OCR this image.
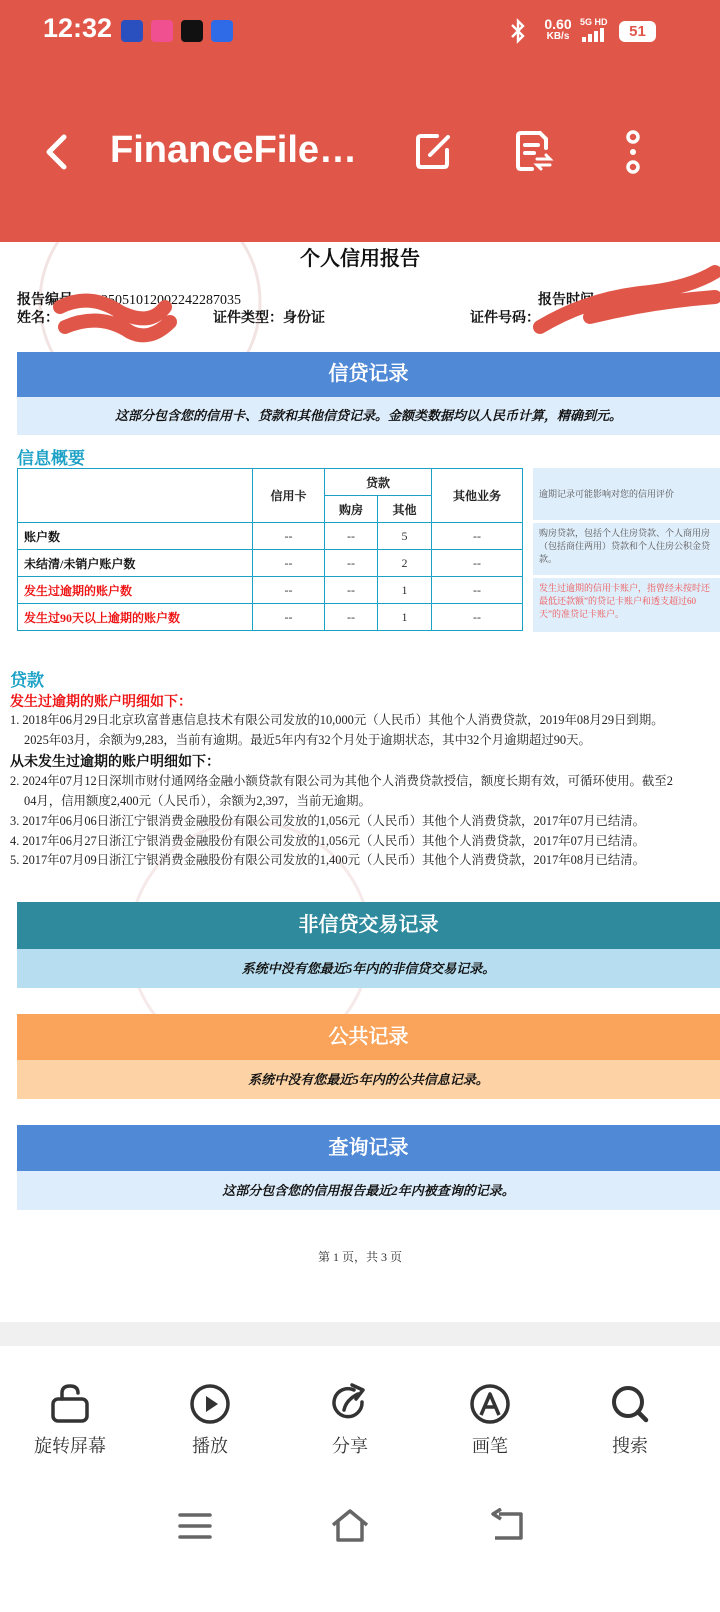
12:32	0.60
KB/s
5G HD
51
FinanceFile…
个人信用报告
报告编号：2025051012002242287035	报告时间
姓名：	证件类型：身份证	证件号码：
信贷记录
这部分包含您的信用卡、贷款和其他信贷记录。金额类数据均以人民币计算，精确到元。
信息概要
	信用卡	贷款		其他业务
		购房	其他	
账户数	--	--	5	--
未结清/未销户账户数	--	--	2	--
发生过逾期的账户数	--	--	1	--
发生过90天以上逾期的账户数	--	--	1	--
逾期记录可能影响对您的信用评价
购房贷款，包括个人住房贷款、个人商用房（包括商住两用）贷款和个人住房公积金贷款。
发生过逾期的信用卡账户，指曾经未按时还最低还款额”的贷记卡账户和透支超过60天”的准贷记卡账户。
贷款
发生过逾期的账户明细如下：
1. 2018年06月29日北京玖富普惠信息技术有限公司发放的10,000元（人民币）其他个人消费贷款，2019年08月29日到期。
2025年03月，余额为9,283，当前有逾期。最近5年内有32个月处于逾期状态，其中32个月逾期超过90天。
从未发生过逾期的账户明细如下：
2. 2024年07月12日深圳市财付通网络金融小额贷款有限公司为其他个人消费贷款授信，额度长期有效，可循环使用。截至2
04月，信用额度2,400元（人民币），余额为2,397，当前无逾期。
3. 2017年06月06日浙江宁银消费金融股份有限公司发放的1,056元（人民币）其他个人消费贷款，2017年07月已结清。
4. 2017年06月27日浙江宁银消费金融股份有限公司发放的1,056元（人民币）其他个人消费贷款，2017年07月已结清。
5. 2017年07月09日浙江宁银消费金融股份有限公司发放的1,400元（人民币）其他个人消费贷款，2017年08月已结清。
非信贷交易记录
系统中没有您最近5年内的非信贷交易记录。
公共记录
系统中没有您最近5年内的公共信息记录。
查询记录
这部分包含您的信用报告最近2年内被查询的记录。
第 1 页，共 3 页
旋转屏幕	播放	分享	画笔	搜索
